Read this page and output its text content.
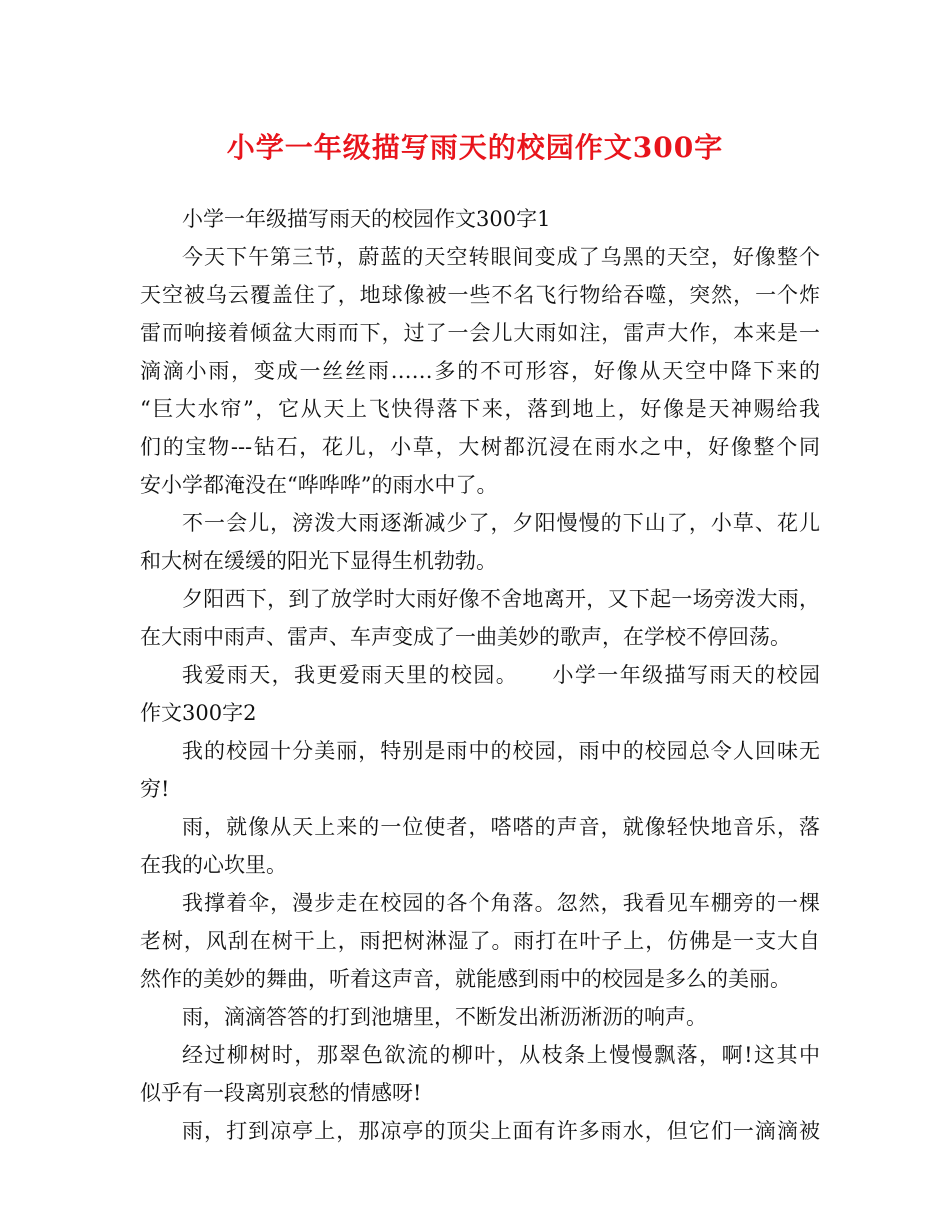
小学一年级描写雨天的校园作文300字
小学一年级描写雨天的校园作文300字1
今天下午第三节，蔚蓝的天空转眼间变成了乌黑的天空，好像整个
天空被乌云覆盖住了，地球像被一些不名飞行物给吞噬，突然，一个炸
雷而响接着倾盆大雨而下，过了一会儿大雨如注，雷声大作，本来是一
滴滴小雨，变成一丝丝雨……多的不可形容，好像从天空中降下来的
“巨大水帘”，它从天上飞快得落下来，落到地上，好像是天神赐给我
们的宝物---钻石，花儿，小草，大树都沉浸在雨水之中，好像整个同
安小学都淹没在“哗哗哗”的雨水中了。
不一会儿，滂泼大雨逐渐减少了，夕阳慢慢的下山了，小草、花儿
和大树在缓缓的阳光下显得生机勃勃。
夕阳西下，到了放学时大雨好像不舍地离开，又下起一场旁泼大雨，
在大雨中雨声、雷声、车声变成了一曲美妙的歌声，在学校不停回荡。
我爱雨天，我更爱雨天里的校园。　　小学一年级描写雨天的校园
作文300字2
我的校园十分美丽，特别是雨中的校园，雨中的校园总令人回味无
穷!
雨，就像从天上来的一位使者，嗒嗒的声音，就像轻快地音乐，落
在我的心坎里。
我撑着伞，漫步走在校园的各个角落。忽然，我看见车棚旁的一棵
老树，风刮在树干上，雨把树淋湿了。雨打在叶子上，仿佛是一支大自
然作的美妙的舞曲，听着这声音，就能感到雨中的校园是多么的美丽。
雨，滴滴答答的打到池塘里，不断发出淅沥淅沥的响声。
经过柳树时，那翠色欲流的柳叶，从枝条上慢慢飘落，啊!这其中
似乎有一段离别哀愁的情感呀!
雨，打到凉亭上，那凉亭的顶尖上面有许多雨水，但它们一滴滴被
